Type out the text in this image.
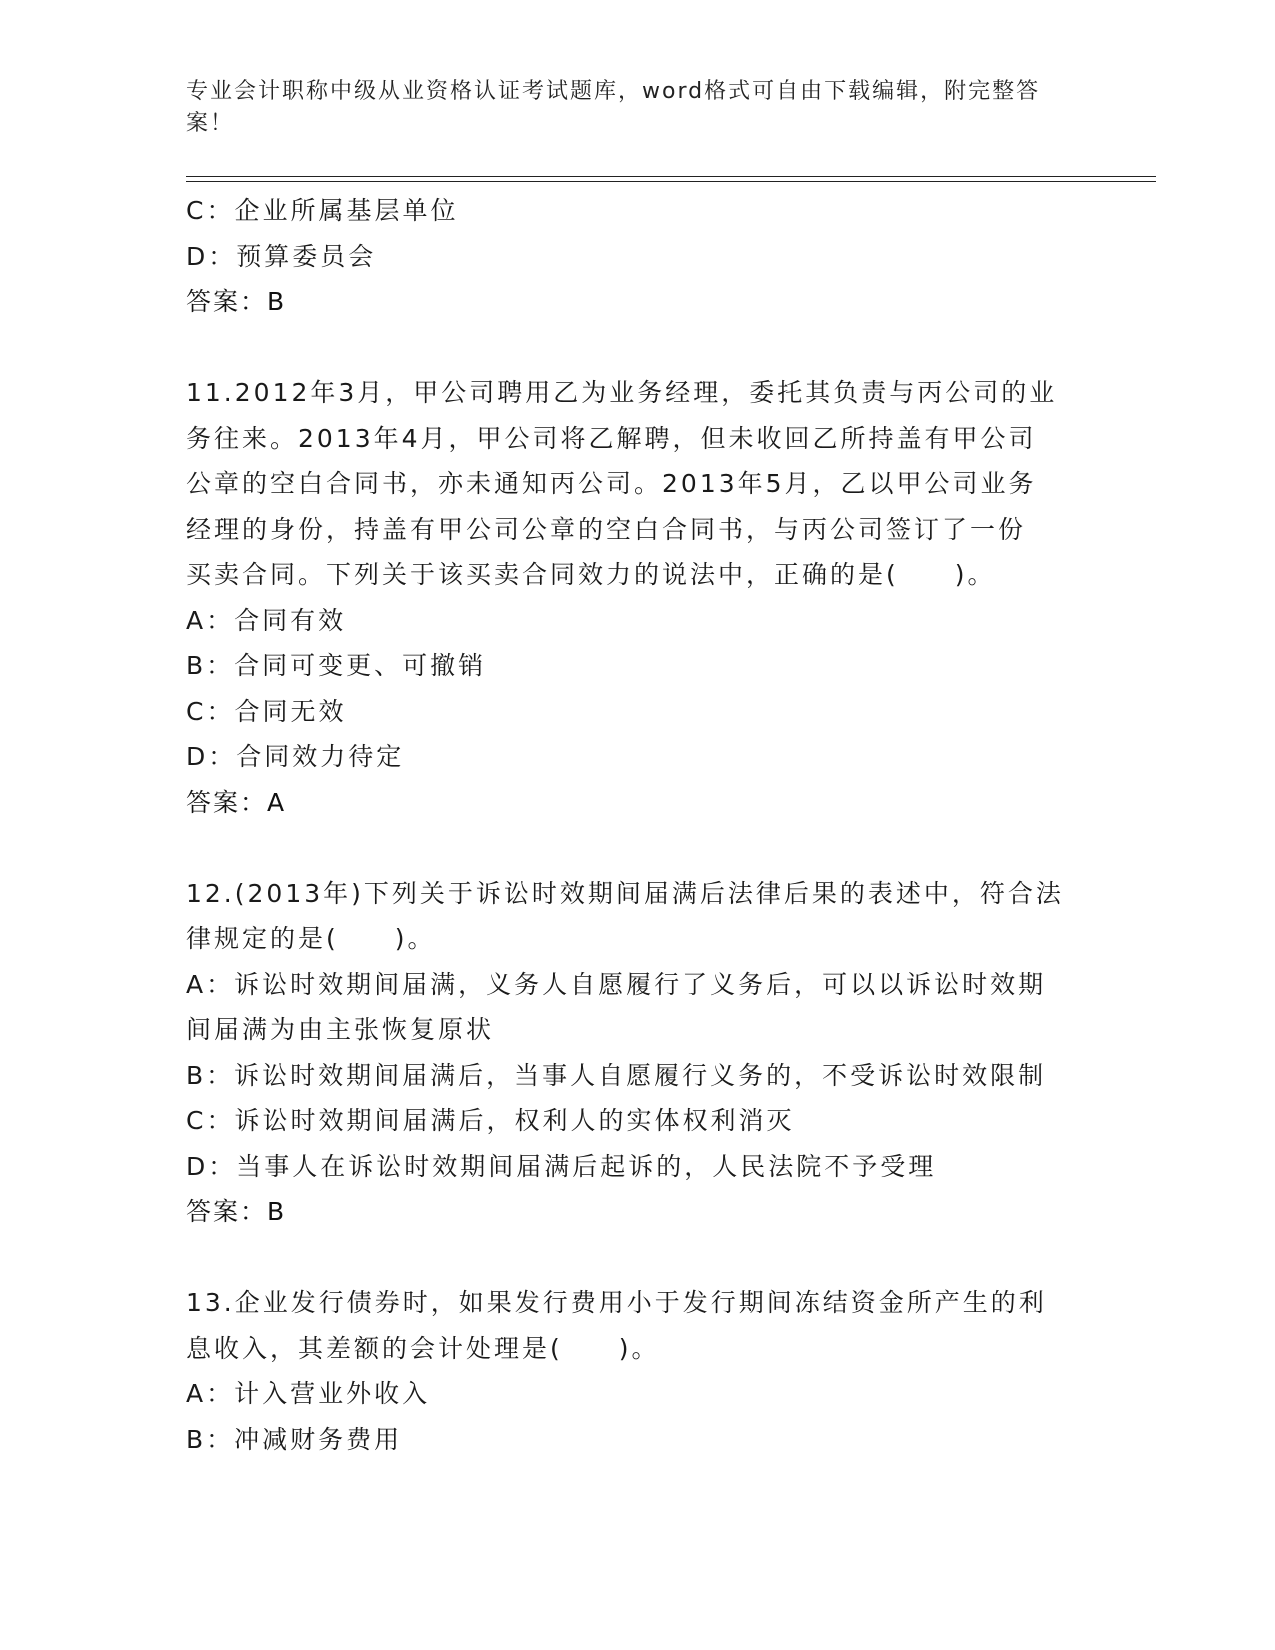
专业会计职称中级从业资格认证考试题库，word格式可自由下载编辑，附完整答
案！
C：企业所属基层单位
D：预算委员会
答案：B
11.2012年3月，甲公司聘用乙为业务经理，委托其负责与丙公司的业
务往来。2013年4月，甲公司将乙解聘，但未收回乙所持盖有甲公司
公章的空白合同书，亦未通知丙公司。2013年5月，乙以甲公司业务
经理的身份，持盖有甲公司公章的空白合同书，与丙公司签订了一份
买卖合同。下列关于该买卖合同效力的说法中，正确的是(　　)。
A：合同有效
B：合同可变更、可撤销
C：合同无效
D：合同效力待定
答案：A
12.(2013年)下列关于诉讼时效期间届满后法律后果的表述中，符合法
律规定的是(　　)。
A：诉讼时效期间届满，义务人自愿履行了义务后，可以以诉讼时效期
间届满为由主张恢复原状
B：诉讼时效期间届满后，当事人自愿履行义务的，不受诉讼时效限制
C：诉讼时效期间届满后，权利人的实体权利消灭
D：当事人在诉讼时效期间届满后起诉的，人民法院不予受理
答案：B
13.企业发行债券时，如果发行费用小于发行期间冻结资金所产生的利
息收入，其差额的会计处理是(　　)。
A：计入营业外收入
B：冲减财务费用
